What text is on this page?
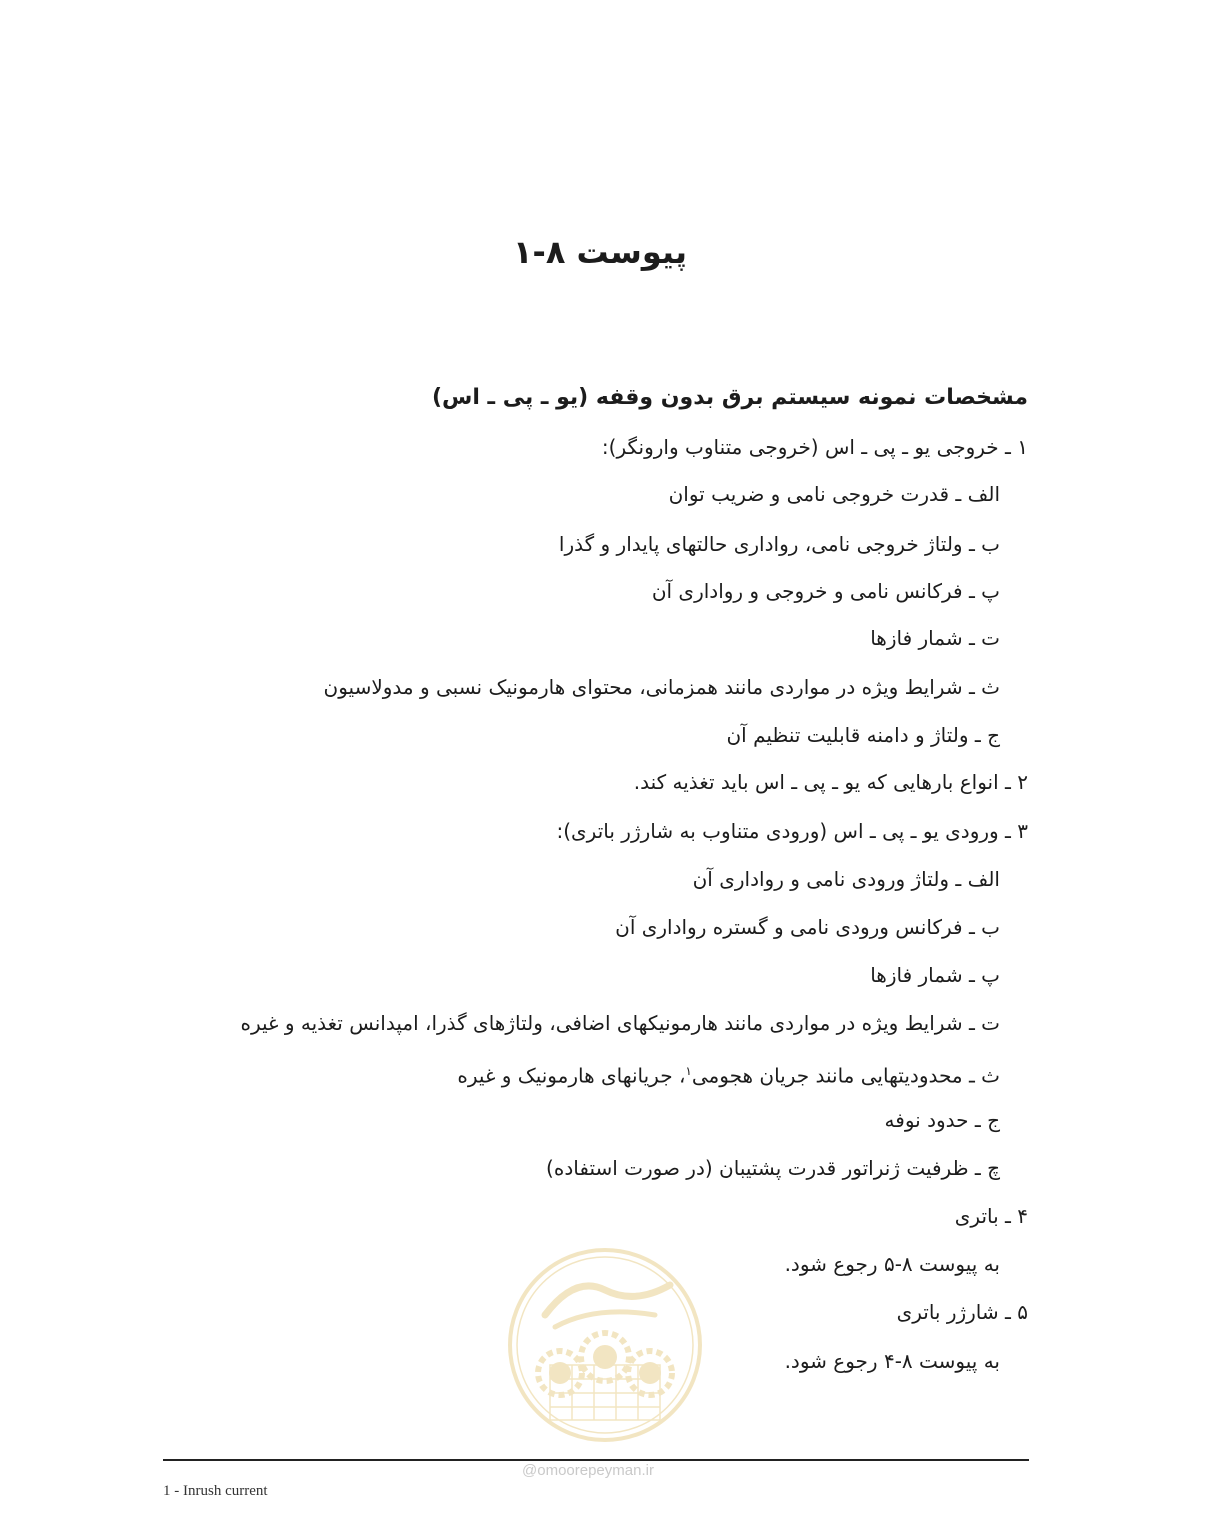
پیوست ۸-۱
مشخصات نمونه سیستم برق بدون وقفه (یو ـ پی ـ اس)
۱ ـ خروجی یو ـ پی ـ اس (خروجی متناوب وارونگر):
الف ـ قدرت خروجی نامی و ضریب توان
ب ـ ولتاژ خروجی نامی، رواداری حالتهای پایدار و گذرا
پ ـ فرکانس نامی و خروجی و رواداری آن
ت ـ شمار فازها
ث ـ شرایط ویژه در مواردی مانند همزمانی، محتوای هارمونیک نسبی و مدولاسیون
ج ـ ولتاژ و دامنه قابلیت تنظیم آن
۲ ـ انواع بارهایی که یو ـ پی ـ اس باید تغذیه کند.
۳ ـ ورودی یو ـ پی ـ اس (ورودی متناوب به شارژر باتری):
الف ـ ولتاژ ورودی نامی و رواداری آن
ب ـ فرکانس ورودی نامی و گستره رواداری آن
پ ـ شمار فازها
ت ـ شرایط ویژه در مواردی مانند هارمونیکهای اضافی، ولتاژهای گذرا، امپدانس تغذیه و غیره
ث ـ محدودیتهایی مانند جریان هجومی$^۱$، جریانهای هارمونیک و غیره
ج ـ حدود نوفه
چ ـ ظرفیت ژنراتور قدرت پشتیبان (در صورت استفاده)
۴ ـ باتری
به پیوست ۸-۵ رجوع شود.
۵ ـ شارژر باتری
به پیوست ۸-۴ رجوع شود.
@omoorepeyman.ir
1 - Inrush current
